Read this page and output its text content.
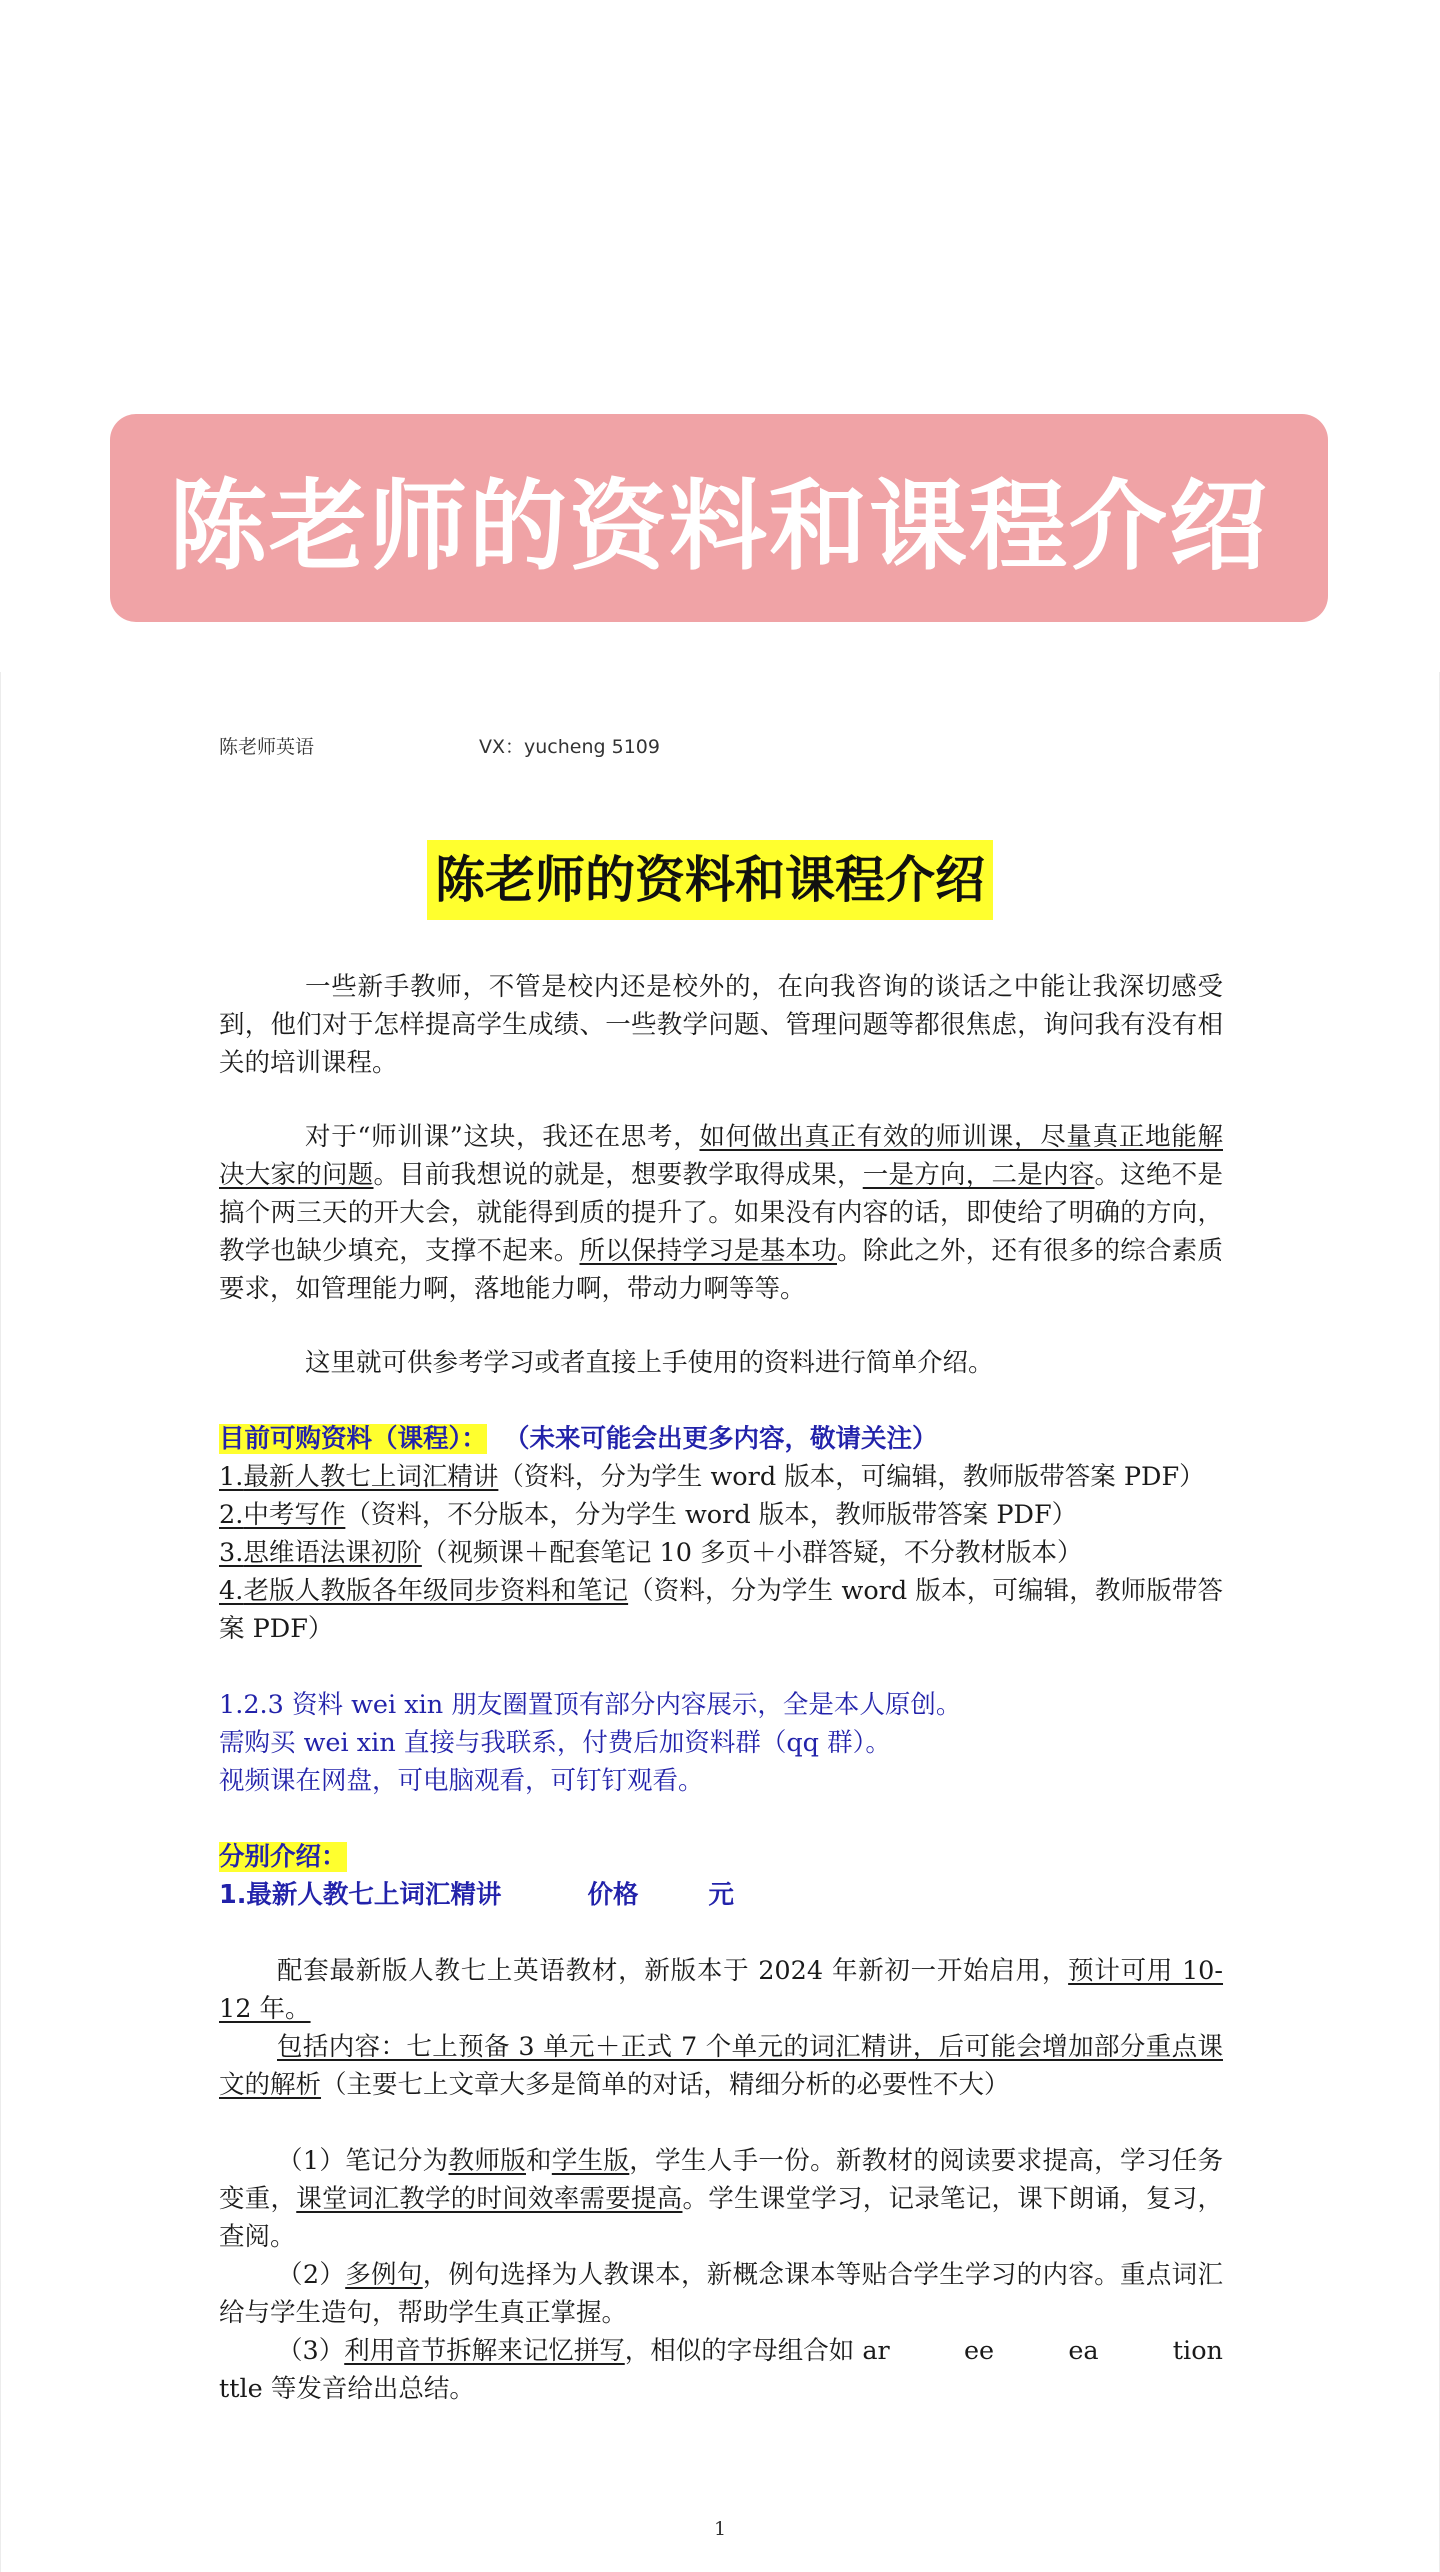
陈老师的资料和课程介绍
陈老师英语	VX：yucheng 5109
陈老师的资料和课程介绍

一些新手教师，不管是校内还是校外的，在向我咨询的谈话之中能让我深切感受到，他们对于怎样提高学生成绩、一些教学问题、管理问题等都很焦虑，询问我有没有相关的培训课程。

对于“师训课”这块，我还在思考，如何做出真正有效的师训课，尽量真正地能解决大家的问题。目前我想说的就是，想要教学取得成果，一是方向，二是内容。这绝不是搞个两三天的开大会，就能得到质的提升了。如果没有内容的话，即使给了明确的方向，教学也缺少填充，支撑不起来。所以保持学习是基本功。除此之外，还有很多的综合素质要求，如管理能力啊，落地能力啊，带动力啊等等。

这里就可供参考学习或者直接上手使用的资料进行简单介绍。

目前可购资料（课程）： （未来可能会出更多内容，敬请关注）
1.最新人教七上词汇精讲（资料，分为学生 word 版本，可编辑，教师版带答案 PDF）
2.中考写作（资料，不分版本，分为学生 word 版本，教师版带答案 PDF）
3.思维语法课初阶（视频课＋配套笔记 10 多页＋小群答疑，不分教材版本）
4.老版人教版各年级同步资料和笔记（资料，分为学生 word 版本，可编辑，教师版带答案 PDF）
1.2.3 资料 wei xin 朋友圈置顶有部分内容展示，全是本人原创。
需购买 wei xin 直接与我联系，付费后加资料群（qq 群）。
视频课在网盘，可电脑观看，可钉钉观看。
分别介绍：
1.最新人教七上词汇精讲	价格	元

配套最新版人教七上英语教材，新版本于 2024 年新初一开始启用，预计可用 10-12 年。

包括内容：七上预备 3 单元＋正式 7 个单元的词汇精讲，后可能会增加部分重点课文的解析（主要七上文章大多是简单的对话，精细分析的必要性不大）

（1）笔记分为教师版和学生版，学生人手一份。新教材的阅读要求提高，学习任务变重，课堂词汇教学的时间效率需要提高。学生课堂学习，记录笔记，课下朗诵，复习，查阅。

（2）多例句，例句选择为人教课本，新概念课本等贴合学生学习的内容。重点词汇给与学生造句，帮助学生真正掌握。

（3）利用音节拆解来记忆拼写，相似的字母组合如 ar	ee	ea	tion
ttle 等发音给出总结。
1
